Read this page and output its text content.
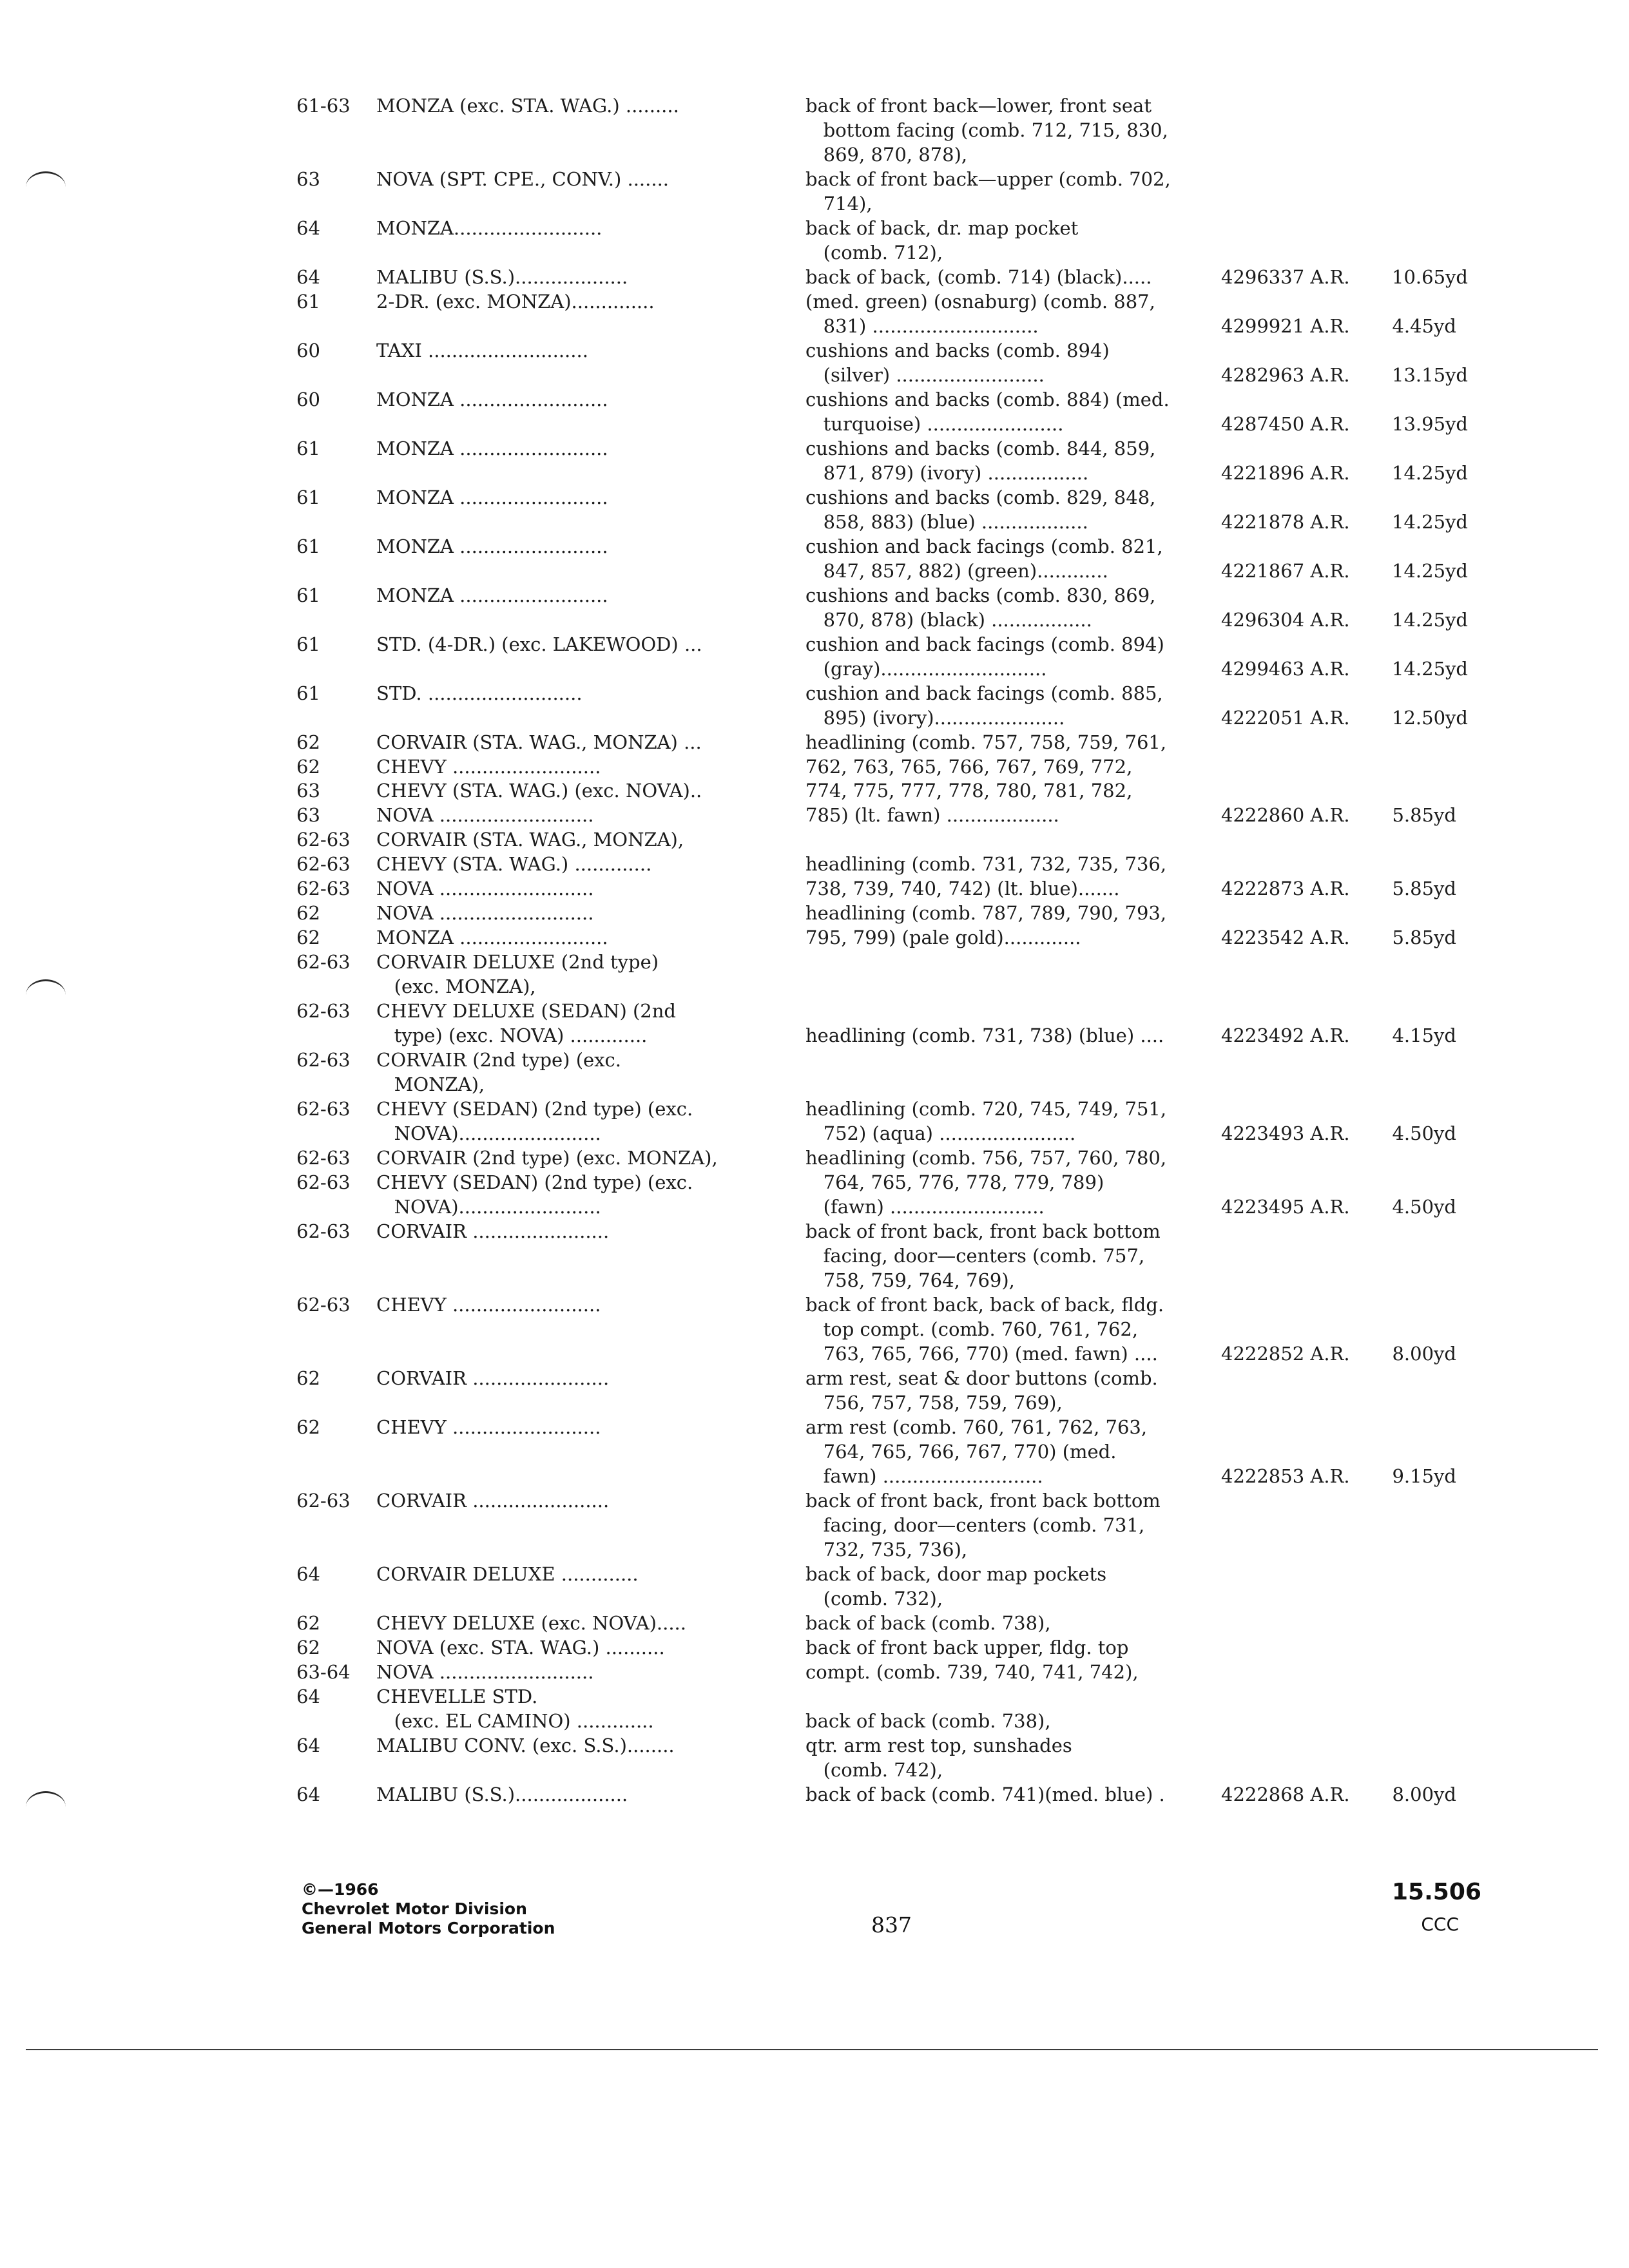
61-63 MONZA (exc. STA. WAG.) .........	back of front back—lower, front seat
bottom facing (comb. 712, 715, 830,
869, 870, 878),
63	NOVA (SPT. CPE., CONV.) .......	back of front back—upper (comb. 702,
714),
64	MONZA.........................	back of back, dr. map pocket
(comb. 712),
64	MALIBU (S.S.)...................	back of back, (comb. 714) (black).....	4296337 A.R. 10.65yd
61	2-DR. (exc. MONZA)..............	(med. green) (osnaburg) (comb. 887,
831) ............................	4299921 A.R. 4.45yd
60	TAXI ...........................	cushions and backs (comb. 894)
(silver) .........................	4282963 A.R. 13.15yd
60	MONZA .........................	cushions and backs (comb. 884) (med.
turquoise) .......................	4287450 A.R. 13.95yd
61	MONZA .........................	cushions and backs (comb. 844, 859,
871, 879) (ivory) .................	4221896 A.R. 14.25yd
61	MONZA .........................	cushions and backs (comb. 829, 848,
858, 883) (blue) ..................	4221878 A.R. 14.25yd
61	MONZA .........................	cushion and back facings (comb. 821,
847, 857, 882) (green)............	4221867 A.R. 14.25yd
61	MONZA .........................	cushions and backs (comb. 830, 869,
870, 878) (black) .................	4296304 A.R. 14.25yd
61	STD. (4-DR.) (exc. LAKEWOOD) ...	cushion and back facings (comb. 894)
(gray)............................	4299463 A.R. 14.25yd
61	STD. ..........................	cushion and back facings (comb. 885,
895) (ivory)......................	4222051 A.R. 12.50yd
62	CORVAIR (STA. WAG., MONZA) ...	headlining (comb. 757, 758, 759, 761,
62	CHEVY .........................	762, 763, 765, 766, 767, 769, 772,
63	CHEVY (STA. WAG.) (exc. NOVA)..	774, 775, 777, 778, 780, 781, 782,
63	NOVA ..........................	785) (lt. fawn) ...................	4222860 A.R. 5.85yd
62-63 CORVAIR (STA. WAG., MONZA),
62-63 CHEVY (STA. WAG.) .............	headlining (comb. 731, 732, 735, 736,
62-63 NOVA ..........................	738, 739, 740, 742) (lt. blue).......	4222873 A.R. 5.85yd
62	NOVA ..........................	headlining (comb. 787, 789, 790, 793,
62	MONZA .........................	795, 799) (pale gold).............	4223542 A.R. 5.85yd
62-63 CORVAIR DELUXE (2nd type)
(exc. MONZA),
62-63 CHEVY DELUXE (SEDAN) (2nd
type) (exc. NOVA) .............	headlining (comb. 731, 738) (blue) ....	4223492 A.R. 4.15yd
62-63 CORVAIR (2nd type) (exc.
MONZA),
62-63 CHEVY (SEDAN) (2nd type) (exc.	headlining (comb. 720, 745, 749, 751,
NOVA)........................	752) (aqua) .......................	4223493 A.R. 4.50yd
62-63 CORVAIR (2nd type) (exc. MONZA),	headlining (comb. 756, 757, 760, 780,
62-63 CHEVY (SEDAN) (2nd type) (exc.	764, 765, 776, 778, 779, 789)
NOVA)........................	(fawn) ..........................	4223495 A.R. 4.50yd
62-63 CORVAIR .......................	back of front back, front back bottom
facing, door—centers (comb. 757,
758, 759, 764, 769),
62-63 CHEVY .........................	back of front back, back of back, fldg.
top compt. (comb. 760, 761, 762,
763, 765, 766, 770) (med. fawn) ....	4222852 A.R. 8.00yd
62	CORVAIR .......................	arm rest, seat & door buttons (comb.
756, 757, 758, 759, 769),
62	CHEVY .........................	arm rest (comb. 760, 761, 762, 763,
764, 765, 766, 767, 770) (med.
fawn) ...........................	4222853 A.R. 9.15yd
62-63 CORVAIR .......................	back of front back, front back bottom
facing, door—centers (comb. 731,
732, 735, 736),
64	CORVAIR DELUXE .............	back of back, door map pockets
(comb. 732),
62	CHEVY DELUXE (exc. NOVA).....	back of back (comb. 738),
62	NOVA (exc. STA. WAG.) ..........	back of front back upper, fldg. top
63-64 NOVA ..........................	compt. (comb. 739, 740, 741, 742),
64	CHEVELLE STD.
(exc. EL CAMINO) .............	back of back (comb. 738),
64	MALIBU CONV. (exc. S.S.)........	qtr. arm rest top, sunshades
(comb. 742),
64	MALIBU (S.S.)...................	back of back (comb. 741)(med. blue) .	4222868 A.R. 8.00yd
©—1966
Chevrolet Motor Division
General Motors Corporation	837
15.506
CCC
